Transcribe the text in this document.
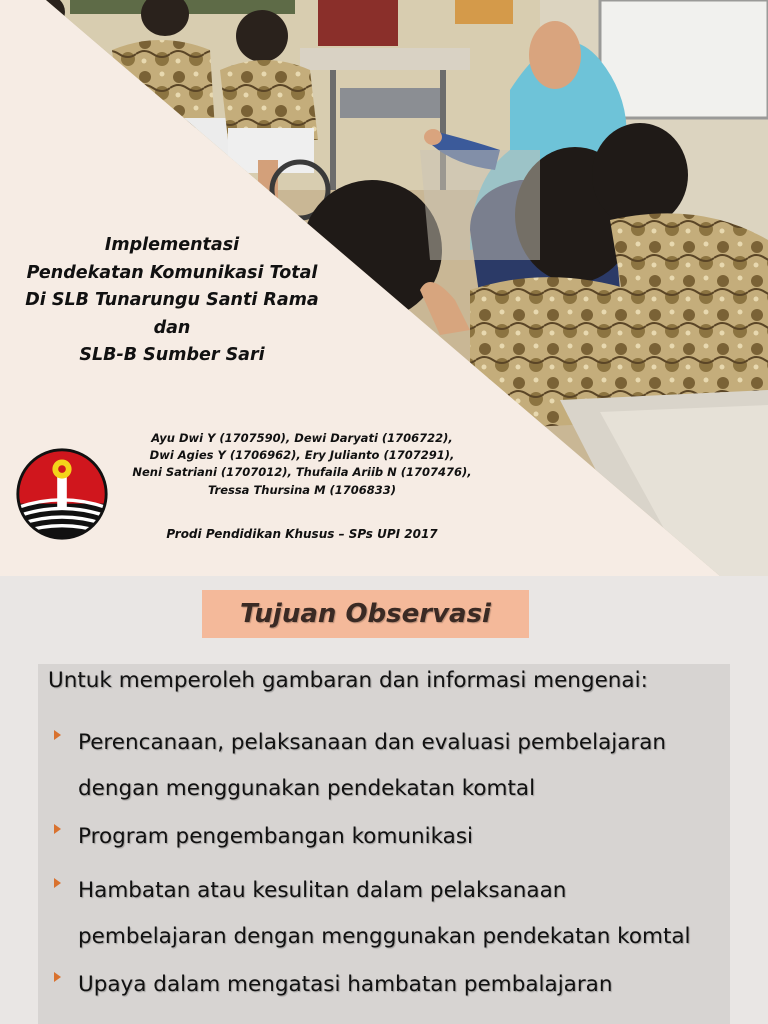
Implementasi
Pendekatan Komunikasi Total
Di SLB Tunarungu Santi Rama
dan
SLB-B Sumber Sari
Ayu Dwi Y (1707590), Dewi Daryati (1706722),
Dwi Agies Y (1706962), Ery Julianto (1707291),
Neni Satriani (1707012), Thufaila Ariib N (1707476),
Tressa Thursina M (1706833)
Prodi Pendidikan Khusus – SPs UPI 2017
Tujuan Observasi
Untuk memperoleh gambaran dan informasi mengenai:
Perencanaan, pelaksanaan dan evaluasi pembelajaran
dengan menggunakan pendekatan komtal
Program pengembangan komunikasi
Hambatan atau kesulitan dalam pelaksanaan
pembelajaran dengan menggunakan pendekatan komtal
Upaya dalam mengatasi hambatan pembalajaran
